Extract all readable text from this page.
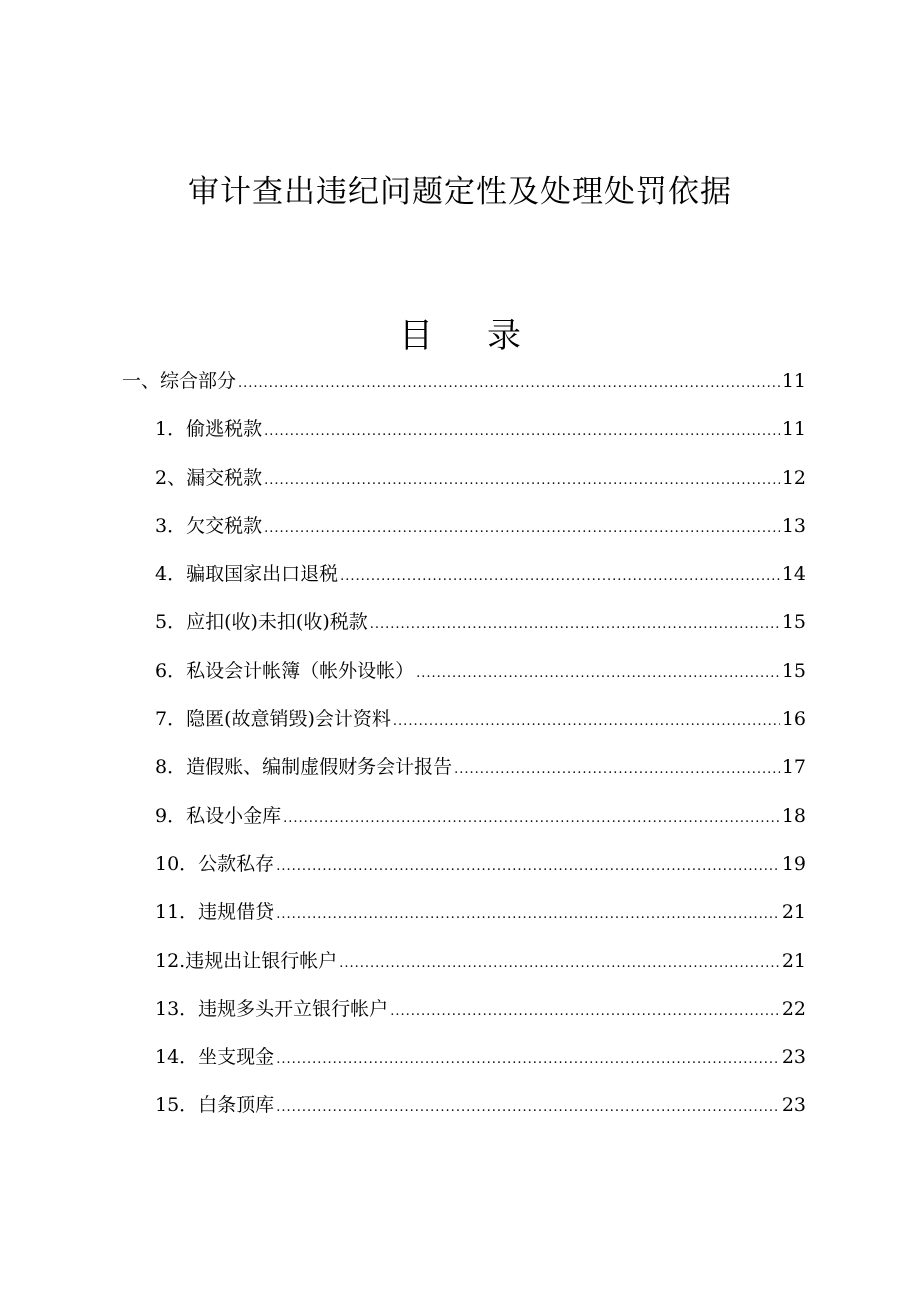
审计查出违纪问题定性及处理处罚依据
目 录
一、综合部分 .....	11
1．偷逃税款 .....	11
2、漏交税款 .....	12
3．欠交税款 .....	13
4．骗取国家出口退税 .....	14
5．应扣(收)未扣(收)税款 .....	15
6．私设会计帐簿（帐外设帐） .....	15
7．隐匿(故意销毁)会计资料 .....	16
8．造假账、编制虚假财务会计报告 .....	17
9．私设小金库 .....	18
10．公款私存 .....	19
11．违规借贷 .....	21
12.违规出让银行帐户 .....	21
13．违规多头开立银行帐户 .....	22
14．坐支现金 .....	23
15．白条顶库 .....	23
